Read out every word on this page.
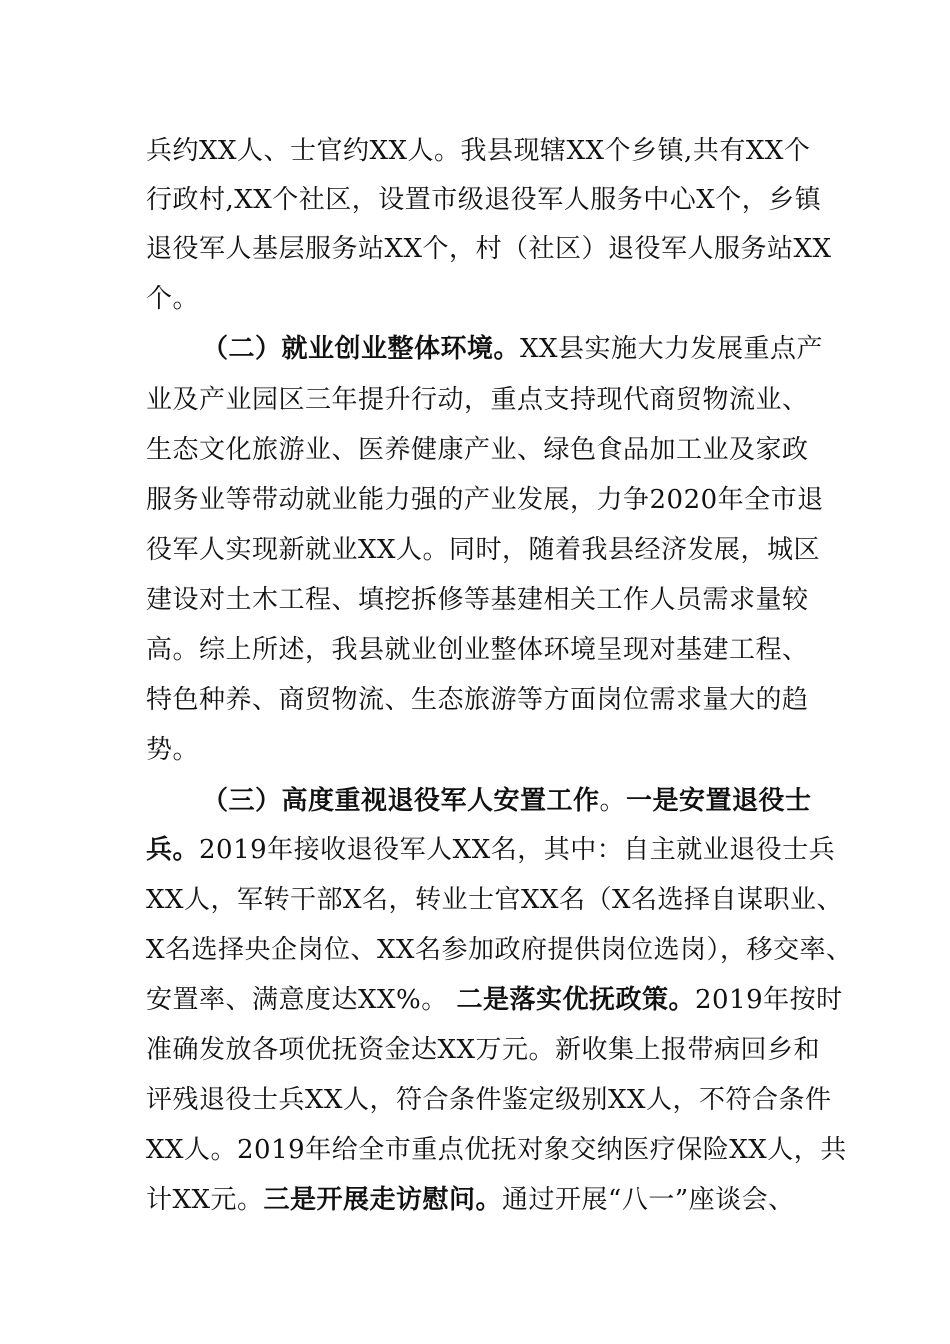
兵约XX人、士官约XX人。我县现辖XX个乡镇,共有XX个
行政村,XX个社区，设置市级退役军人服务中心X个，乡镇
退役军人基层服务站XX个，村（社区）退役军人服务站XX
个。
（二）就业创业整体环境。XX县实施大力发展重点产
业及产业园区三年提升行动，重点支持现代商贸物流业、
生态文化旅游业、医养健康产业、绿色食品加工业及家政
服务业等带动就业能力强的产业发展，力争2020年全市退
役军人实现新就业XX人。同时，随着我县经济发展，城区
建设对土木工程、填挖拆修等基建相关工作人员需求量较
高。综上所述，我县就业创业整体环境呈现对基建工程、
特色种养、商贸物流、生态旅游等方面岗位需求量大的趋
势。
（三）高度重视退役军人安置工作。一是安置退役士
兵。2019年接收退役军人XX名，其中：自主就业退役士兵
XX人，军转干部X名，转业士官XX名（X名选择自谋职业、
X名选择央企岗位、XX名参加政府提供岗位选岗），移交率、
安置率、满意度达XX%。 二是落实优抚政策。2019年按时
准确发放各项优抚资金达XX万元。新收集上报带病回乡和
评残退役士兵XX人，符合条件鉴定级别XX人，不符合条件
XX人。2019年给全市重点优抚对象交纳医疗保险XX人，共
计XX元。三是开展走访慰问。通过开展“八一”座谈会、
